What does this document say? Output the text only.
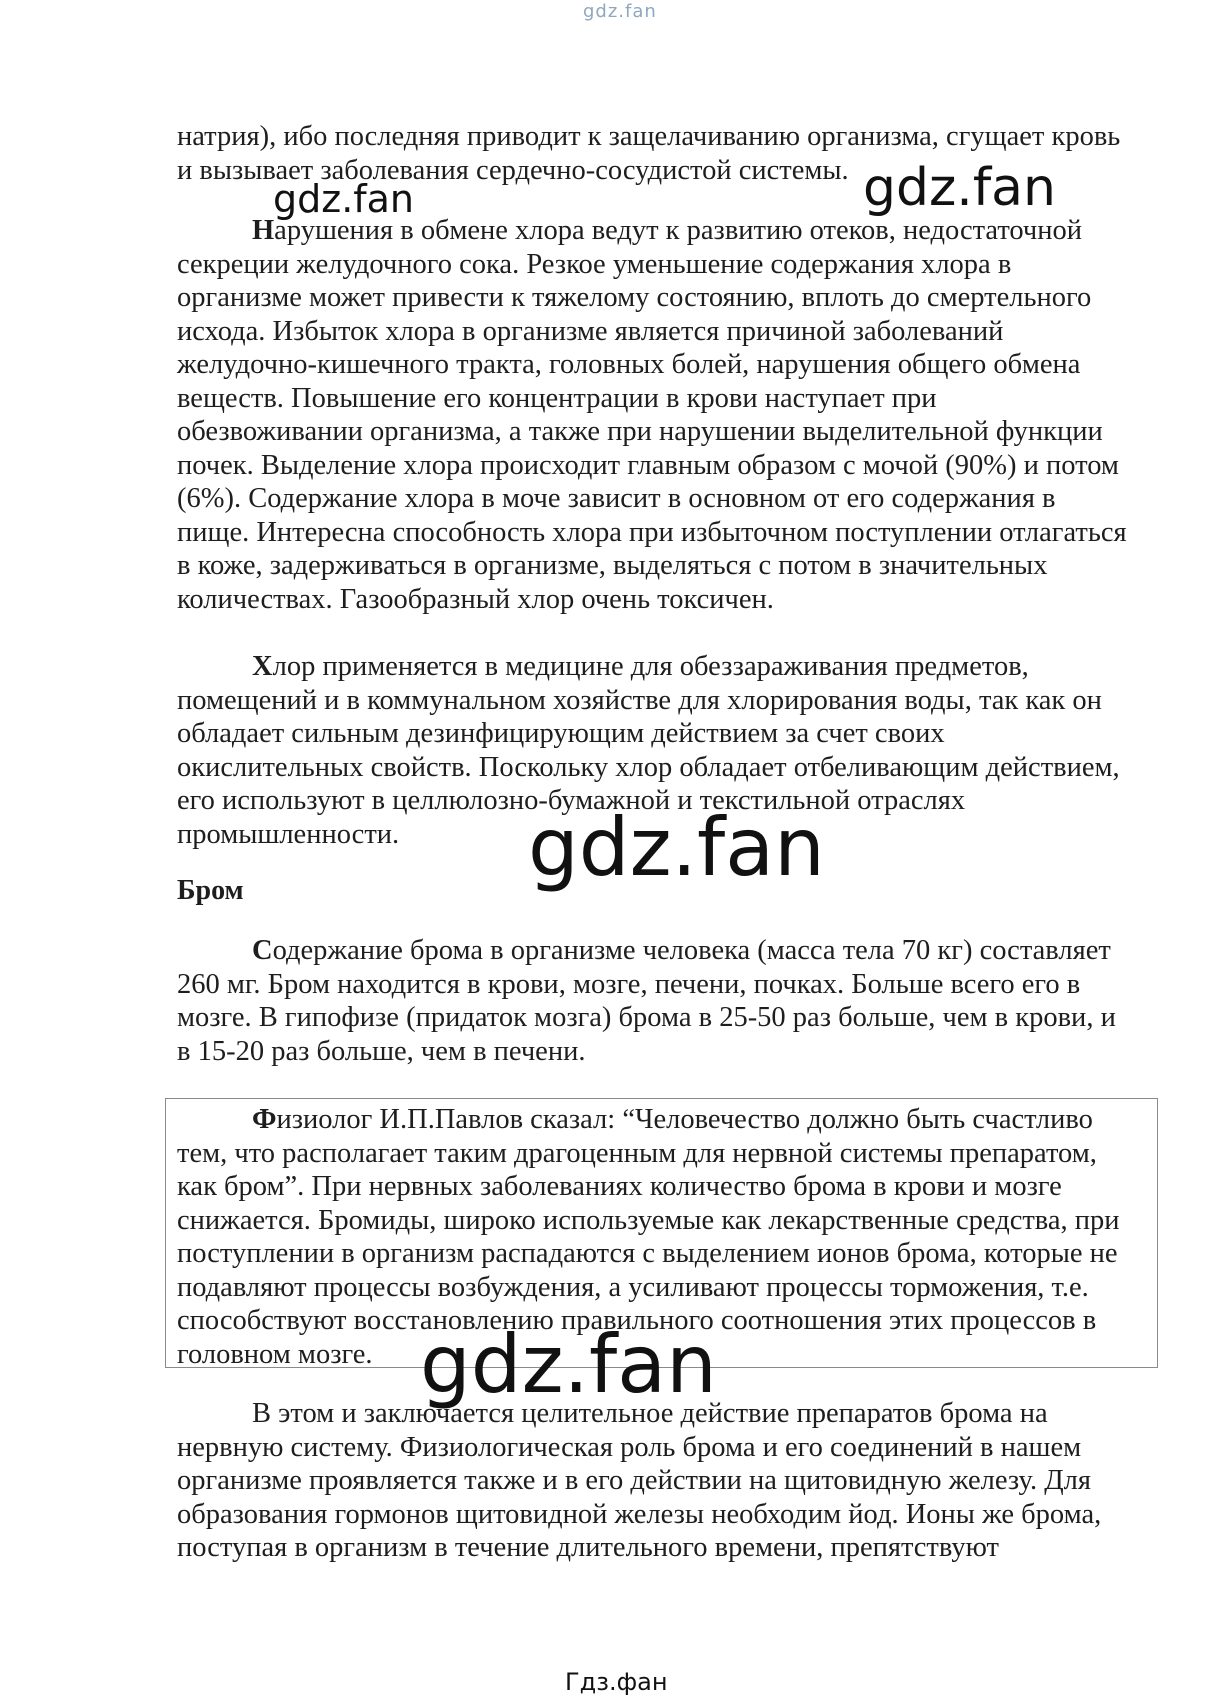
gdz.fan

натрия), ибо последняя приводит к защелачиванию организма, сгущает кровь
и вызывает заболевания сердечно-сосудистой системы.

Нарушения в обмене хлора ведут к развитию отеков, недостаточной
секреции желудочного сока. Резкое уменьшение содержания хлора в
организме может привести к тяжелому состоянию, вплоть до смертельного
исхода. Избыток хлора в организме является причиной заболеваний
желудочно-кишечного тракта, головных болей, нарушения общего обмена
веществ. Повышение его концентрации в крови наступает при
обезвоживании организма, а также при нарушении выделительной функции
почек. Выделение хлора происходит главным образом с мочой (90%) и потом
(6%). Содержание хлора в моче зависит в основном от его содержания в
пище. Интересна способность хлора при избыточном поступлении отлагаться
в коже, задерживаться в организме, выделяться с потом в значительных
количествах. Газообразный хлор очень токсичен.

Хлор применяется в медицине для обеззараживания предметов,
помещений и в коммунальном хозяйстве для хлорирования воды, так как он
обладает сильным дезинфицирующим действием за счет своих
окислительных свойств. Поскольку хлор обладает отбеливающим действием,
его используют в целлюлозно-бумажной и текстильной отраслях
промышленности.

Бром

Содержание брома в организме человека (масса тела 70 кг) составляет
260 мг. Бром находится в крови, мозге, печени, почках. Больше всего его в
мозге. В гипофизе (придаток мозга) брома в 25-50 раз больше, чем в крови, и
в 15-20 раз больше, чем в печени.

Физиолог И.П.Павлов сказал: “Человечество должно быть счастливо
тем, что располагает таким драгоценным для нервной системы препаратом,
как бром”. При нервных заболеваниях количество брома в крови и мозге
снижается. Бромиды, широко используемые как лекарственные средства, при
поступлении в организм распадаются с выделением ионов брома, которые не
подавляют процессы возбуждения, а усиливают процессы торможения, т.е.
способствуют восстановлению правильного соотношения этих процессов в
головном мозге.

В этом и заключается целительное действие препаратов брома на
нервную систему. Физиологическая роль брома и его соединений в нашем
организме проявляется также и в его действии на щитовидную железу. Для
образования гормонов щитовидной железы необходим йод. Ионы же брома,
поступая в организм в течение длительного времени, препятствуют

gdz.fan	gdz.fan
gdz.fan
gdz.fan
Гдз.фан
